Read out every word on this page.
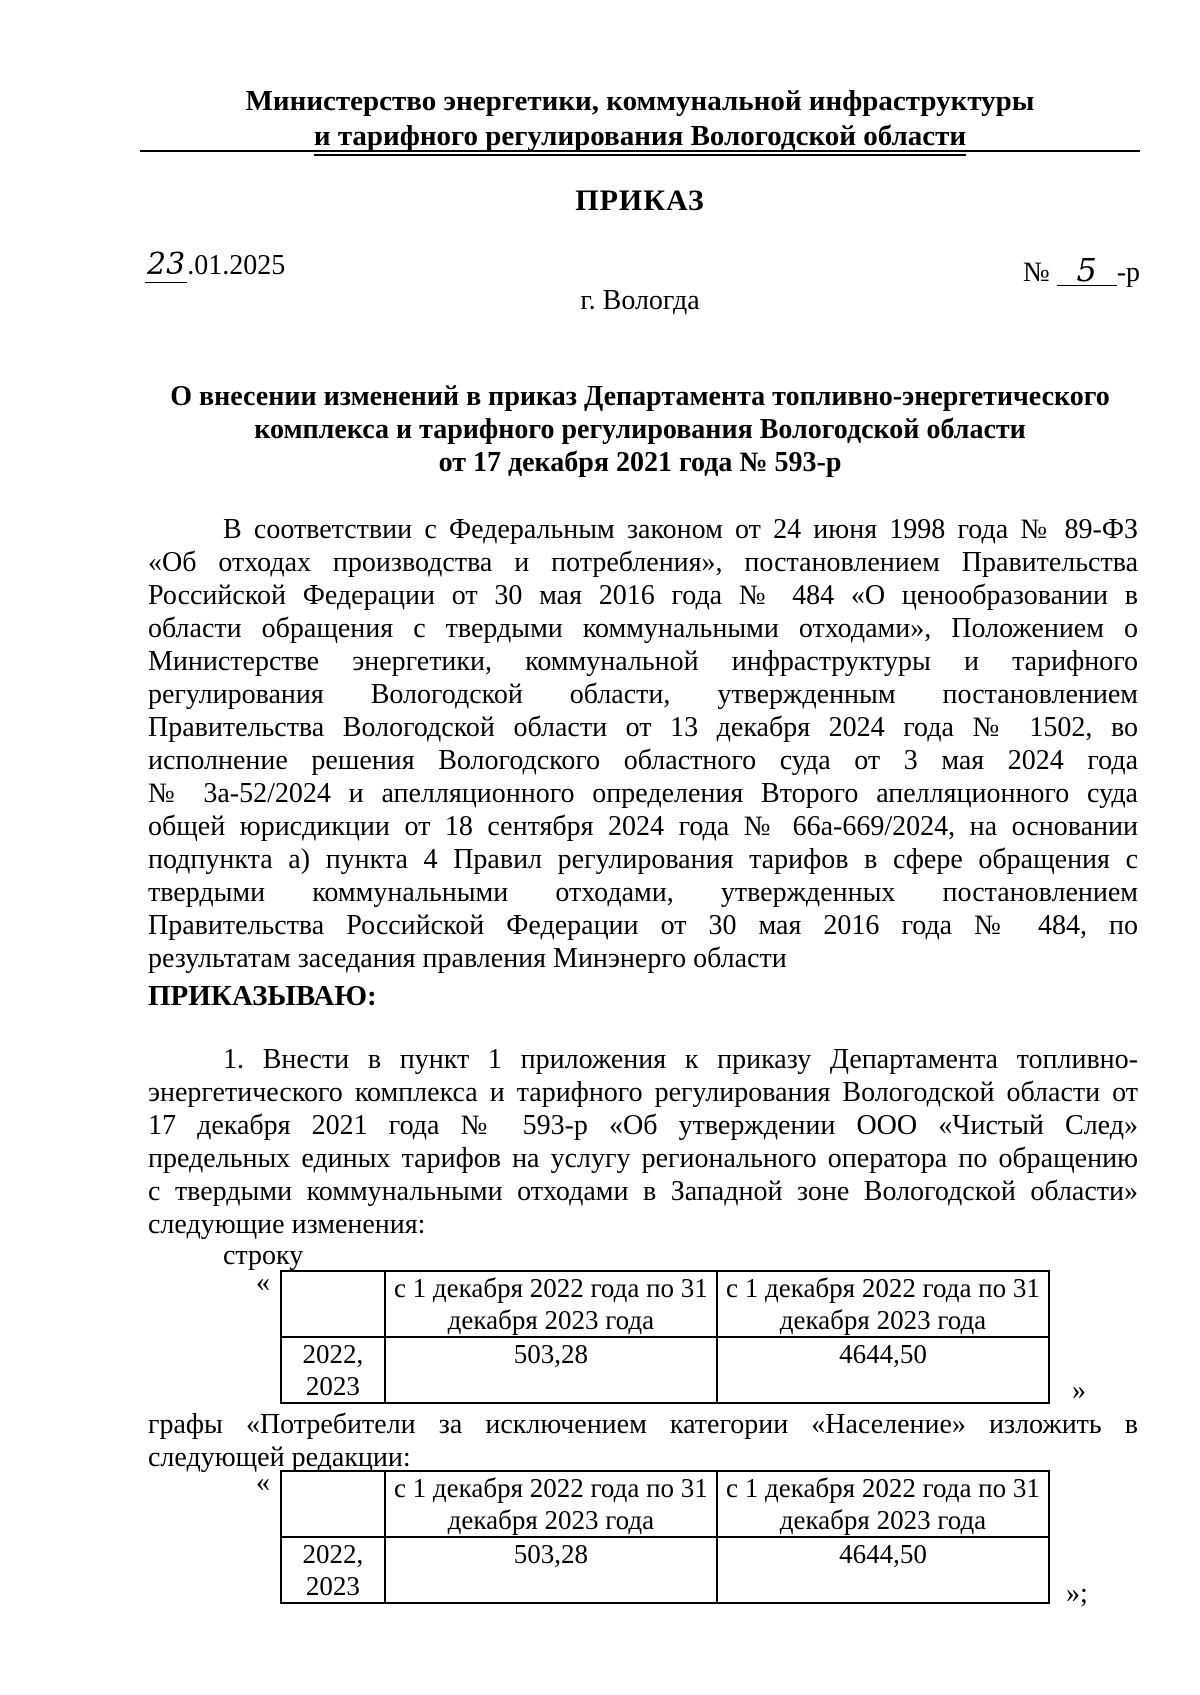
Министерство энергетики, коммунальной инфраструктуры
и тарифного регулирования Вологодской области
ПРИКАЗ
23.01.2025	№ 5 -р
г. Вологда
О внесении изменений в приказ Департамента топливно-энергетического
комплекса и тарифного регулирования Вологодской области
от 17 декабря 2021 года № 593-р
В соответствии с Федеральным законом от 24 июня 1998 года № 89-ФЗ
«Об отходах производства и потребления», постановлением Правительства
Российской Федерации от 30 мая 2016 года № 484 «О ценообразовании в
области обращения с твердыми коммунальными отходами», Положением о
Министерстве энергетики, коммунальной инфраструктуры и тарифного
регулирования Вологодской области, утвержденным постановлением
Правительства Вологодской области от 13 декабря 2024 года № 1502, во
исполнение решения Вологодского областного суда от 3 мая 2024 года
№ 3а-52/2024 и апелляционного определения Второго апелляционного суда
общей юрисдикции от 18 сентября 2024 года № 66а-669/2024, на основании
подпункта а) пункта 4 Правил регулирования тарифов в сфере обращения с
твердыми коммунальными отходами, утвержденных постановлением
Правительства Российской Федерации от 30 мая 2016 года № 484, по
результатам заседания правления Минэнерго области
ПРИКАЗЫВАЮ:
1. Внести в пункт 1 приложения к приказу Департамента топливно-
энергетического комплекса и тарифного регулирования Вологодской области от
17 декабря 2021 года № 593-р «Об утверждении ООО «Чистый След»
предельных единых тарифов на услугу регионального оператора по обращению
с твердыми коммунальными отходами в Западной зоне Вологодской области»
следующие изменения:
строку
«
		с 1 декабря 2022 года по 31 декабря 2023 года	с 1 декабря 2022 года по 31 декабря 2023 года
2022, 2023	503,28	4644,50
»
графы «Потребители за исключением категории «Население» изложить в
следующей редакции:
«
		с 1 декабря 2022 года по 31 декабря 2023 года	с 1 декабря 2022 года по 31 декабря 2023 года
2022, 2023	503,28	4644,50
»;
